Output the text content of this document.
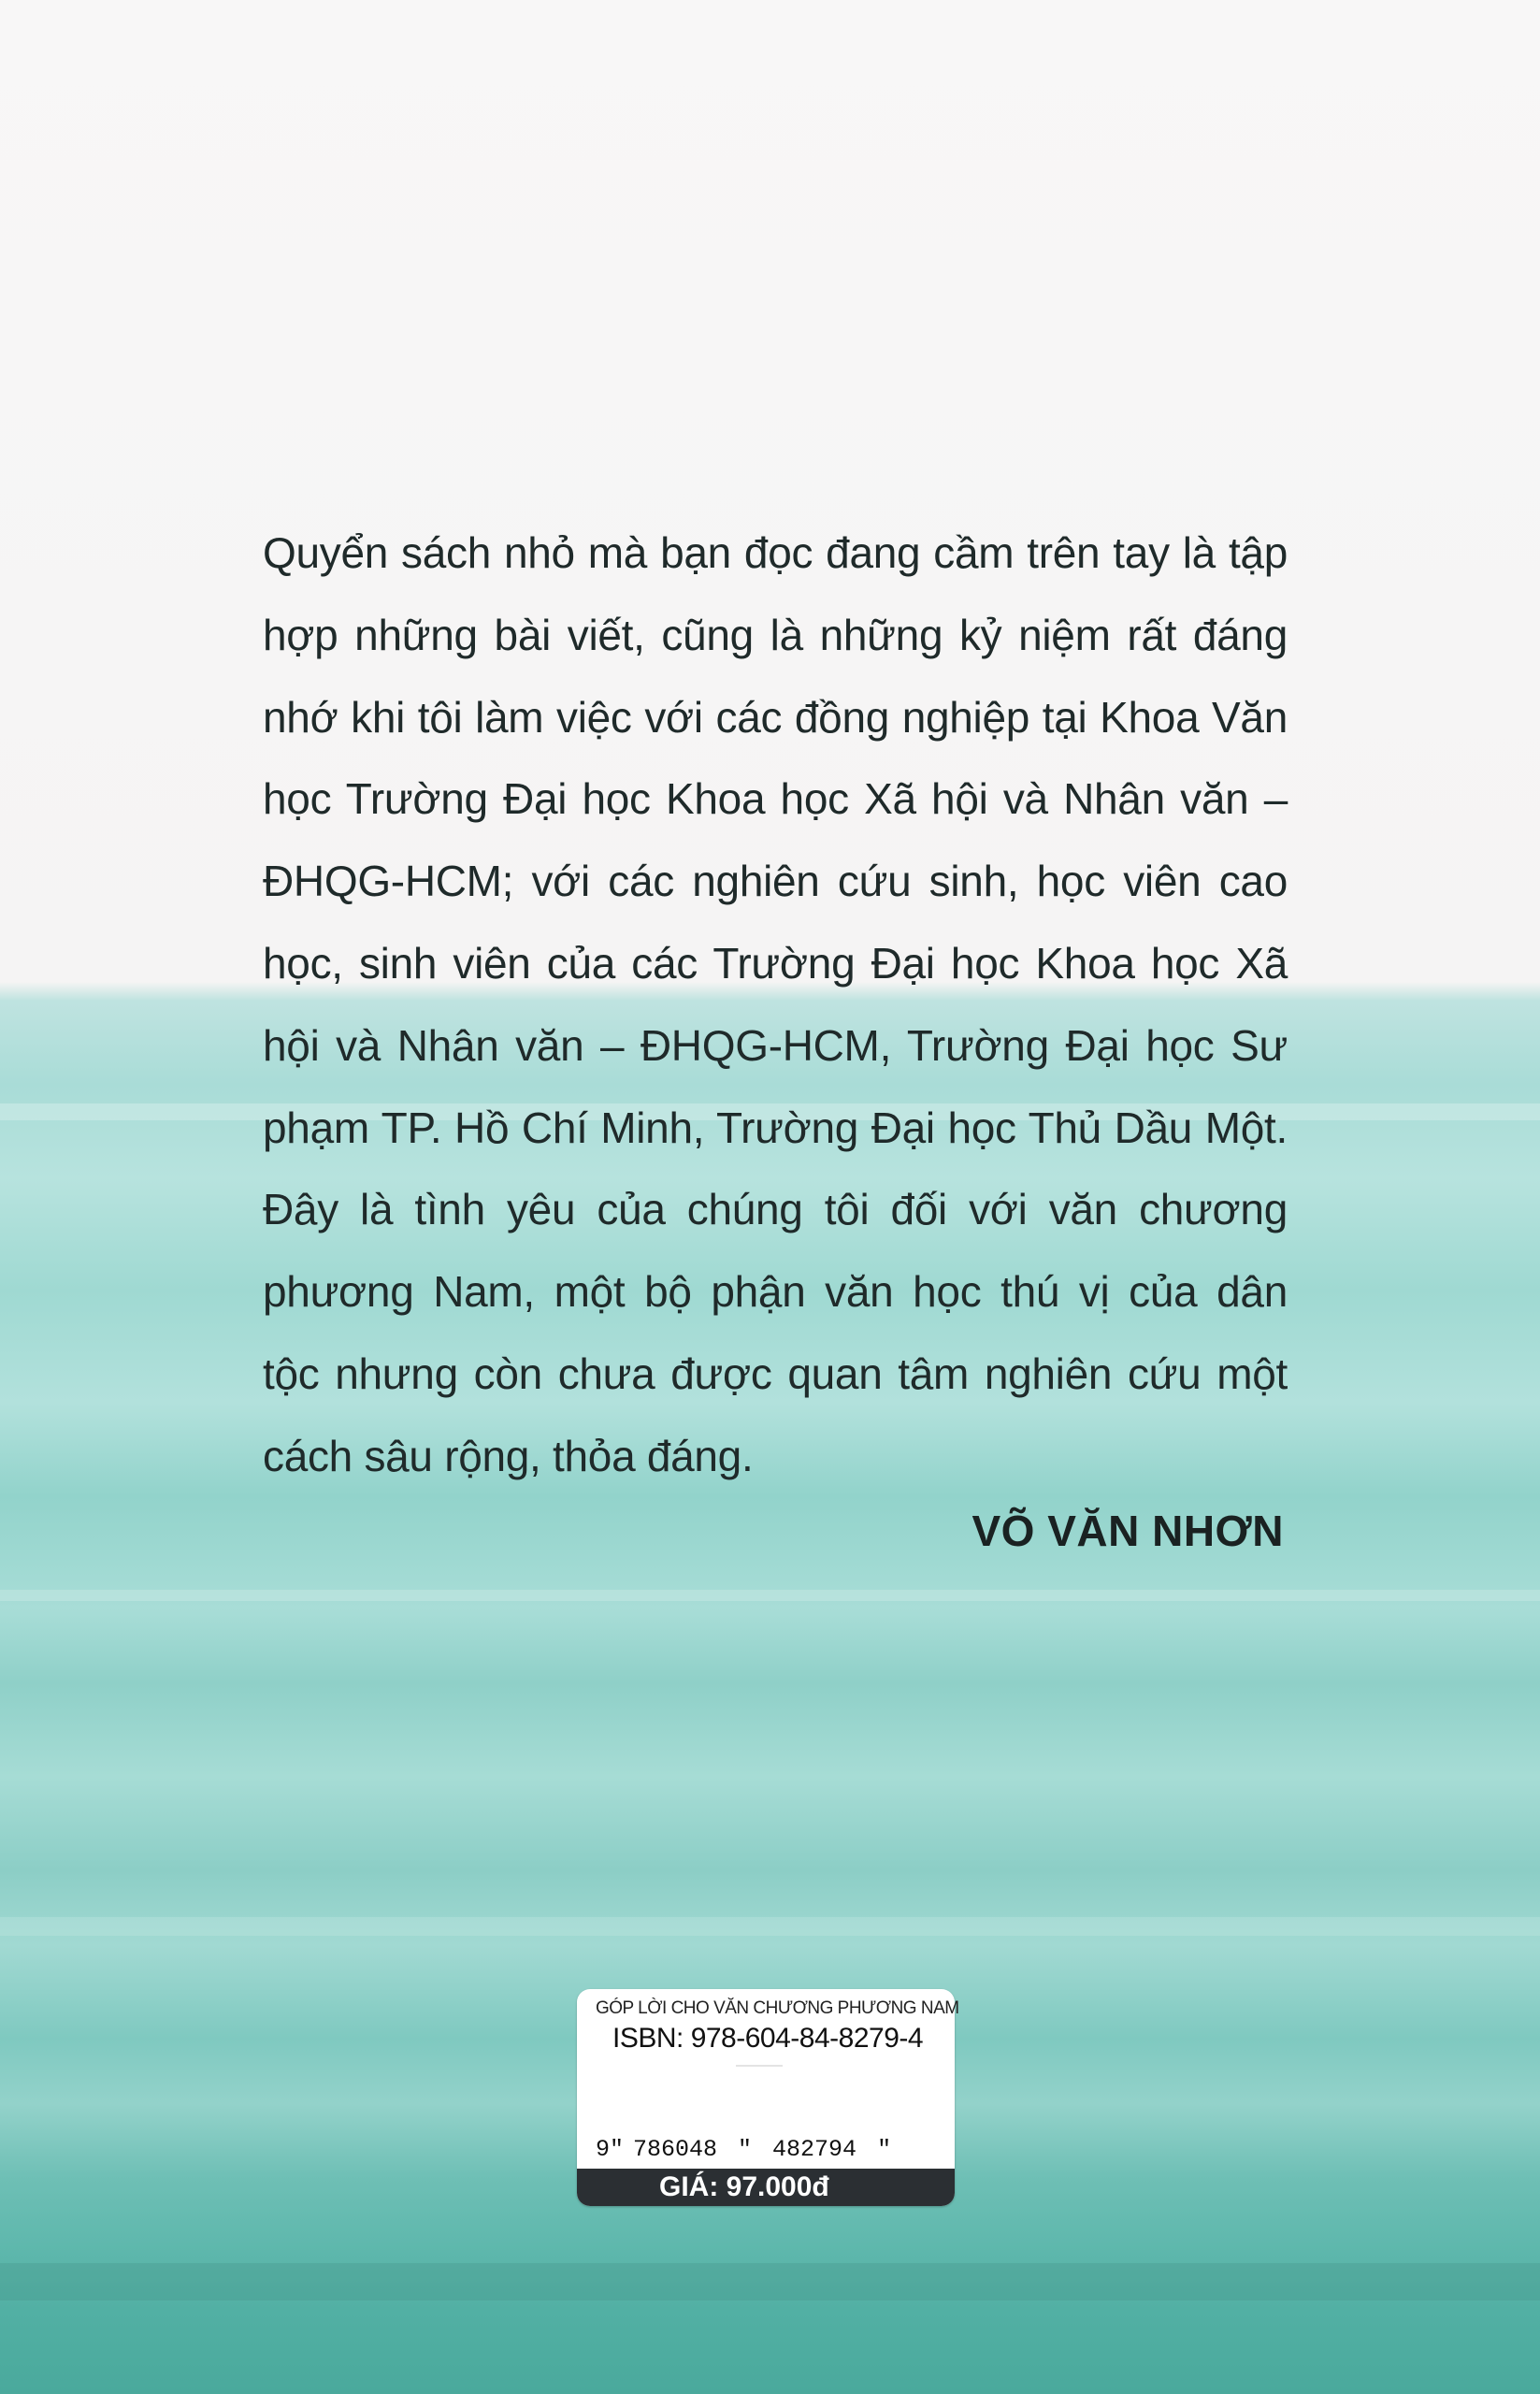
Quyển sách nhỏ mà bạn đọc đang cầm trên tay là tập
hợp những bài viết, cũng là những kỷ niệm rất đáng
nhớ khi tôi làm việc với các đồng nghiệp tại Khoa Văn
học Trường Đại học Khoa học Xã hội và Nhân văn –
ĐHQG-HCM; với các nghiên cứu sinh, học viên cao
học, sinh viên của các Trường Đại học Khoa học Xã
hội và Nhân văn – ĐHQG-HCM, Trường Đại học Sư
phạm TP. Hồ Chí Minh, Trường Đại học Thủ Dầu Một.
Đây là tình yêu của chúng tôi đối với văn chương
phương Nam, một bộ phận văn học thú vị của dân
tộc nhưng còn chưa được quan tâm nghiên cứu một
cách sâu rộng, thỏa đáng.
VÕ VĂN NHƠN
GÓP LỜI CHO VĂN CHƯƠNG PHƯƠNG NAM
ISBN: 978-604-84-8279-4
9" 786048 " 482794 "
GIÁ: 97.000đ
